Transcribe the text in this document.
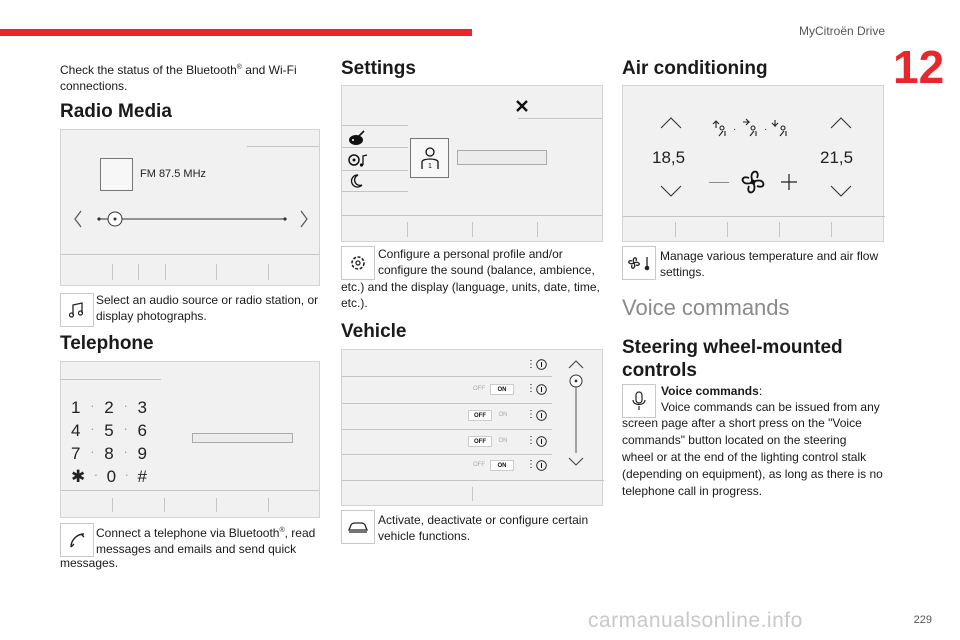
MyCitroën Drive
12
Check the status of the Bluetooth® and Wi-Fi
connections.
Radio Media
FM 87.5 MHz
Select an audio source or radio station, or
display photographs.
Telephone
1 · 2 · 3
4 · 5 · 6
7 · 8 · 9
✱ · 0 · #
Connect a telephone via Bluetooth®, read
messages and emails and send quick
messages.
Settings
1
Configure a personal profile and/or
configure the sound (balance, ambience,
etc.) and the display (language, units, date, time,
etc.).
Vehicle
⋮
OFF	ON	⋮
OFF	ON	⋮
OFF	ON	⋮
OFF	ON	⋮
Activate, deactivate or configure certain
vehicle functions.
Air conditioning
18,5	21,5
·	·
Manage various temperature and air flow
settings.
Voice commands
Steering wheel-mounted
controls
Voice commands:
Voice commands can be issued from any
screen page after a short press on the "Voice
commands" button located on the steering
wheel or at the end of the lighting control stalk
(depending on equipment), as long as there is no
telephone call in progress.
229
carmanualsonline.info
